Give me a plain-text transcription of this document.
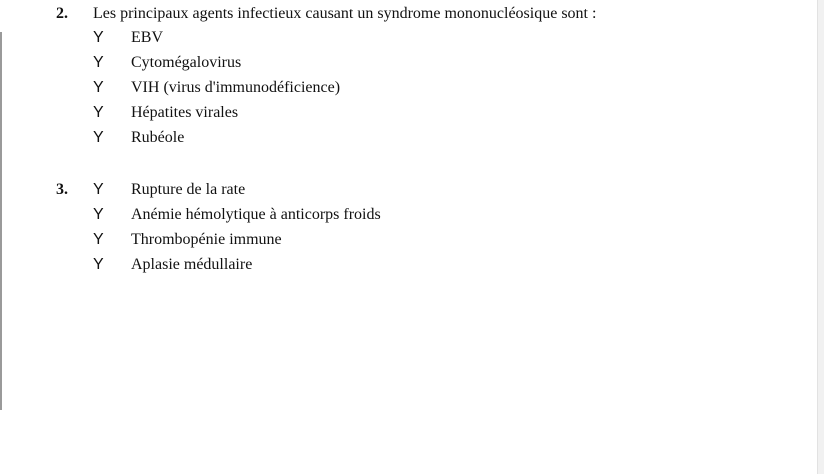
2. Les principaux agents infectieux causant un syndrome mononucléosique sont :
Y EBV
Y Cytomégalovirus
Y VIH (virus d'immunodéficience)
Y Hépatites virales
Y Rubéole
3. Y Rupture de la rate
Y Anémie hémolytique à anticorps froids
Y Thrombopénie immune
Y Aplasie médullaire
